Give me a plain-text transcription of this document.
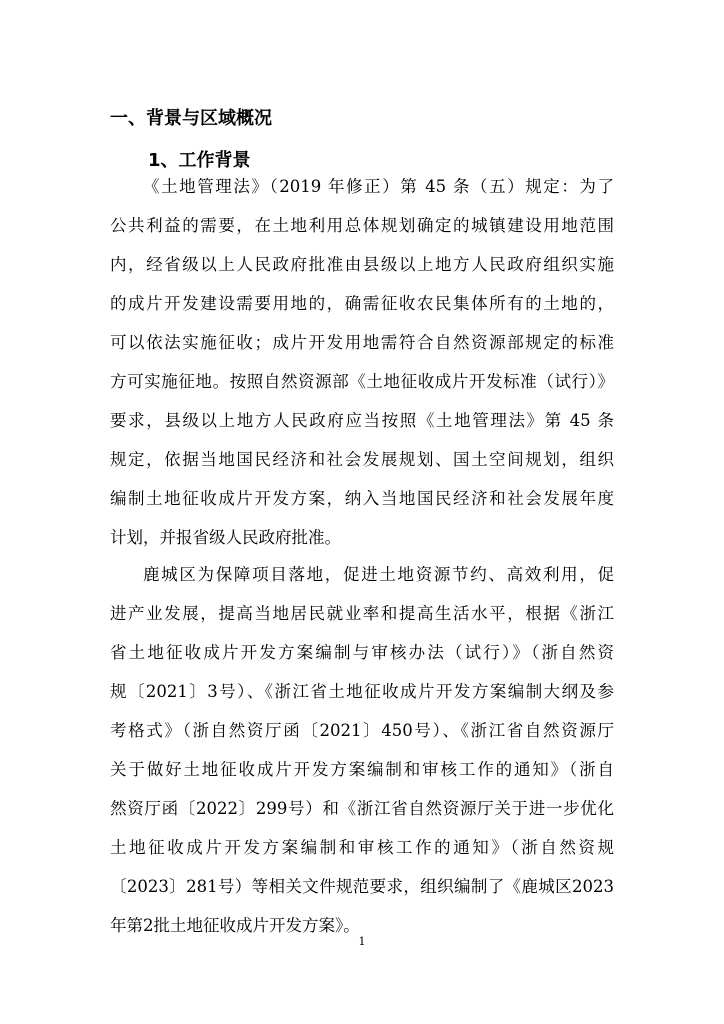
一、背景与区域概况
1、工作背景
《土地管理法》（2019 年修正）第 45 条（五）规定：为了
公共利益的需要，在土地利用总体规划确定的城镇建设用地范围
内，经省级以上人民政府批准由县级以上地方人民政府组织实施
的成片开发建设需要用地的，确需征收农民集体所有的土地的，
可以依法实施征收；成片开发用地需符合自然资源部规定的标准
方可实施征地。按照自然资源部《土地征收成片开发标准（试行）》
要求，县级以上地方人民政府应当按照《土地管理法》第 45 条
规定，依据当地国民经济和社会发展规划、国土空间规划，组织
编制土地征收成片开发方案，纳入当地国民经济和社会发展年度
计划，并报省级人民政府批准。
鹿城区为保障项目落地，促进土地资源节约、高效利用，促
进产业发展，提高当地居民就业率和提高生活水平，根据《浙江
省土地征收成片开发方案编制与审核办法（试行）》（浙自然资
规〔2021〕3号）、《浙江省土地征收成片开发方案编制大纲及参
考格式》（浙自然资厅函〔2021〕450号）、《浙江省自然资源厅
关于做好土地征收成片开发方案编制和审核工作的通知》（浙自
然资厅函〔2022〕299号）和《浙江省自然资源厅关于进一步优化
土地征收成片开发方案编制和审核工作的通知》（浙自然资规
〔2023〕281号）等相关文件规范要求，组织编制了《鹿城区2023
年第2批土地征收成片开发方案》。
1
